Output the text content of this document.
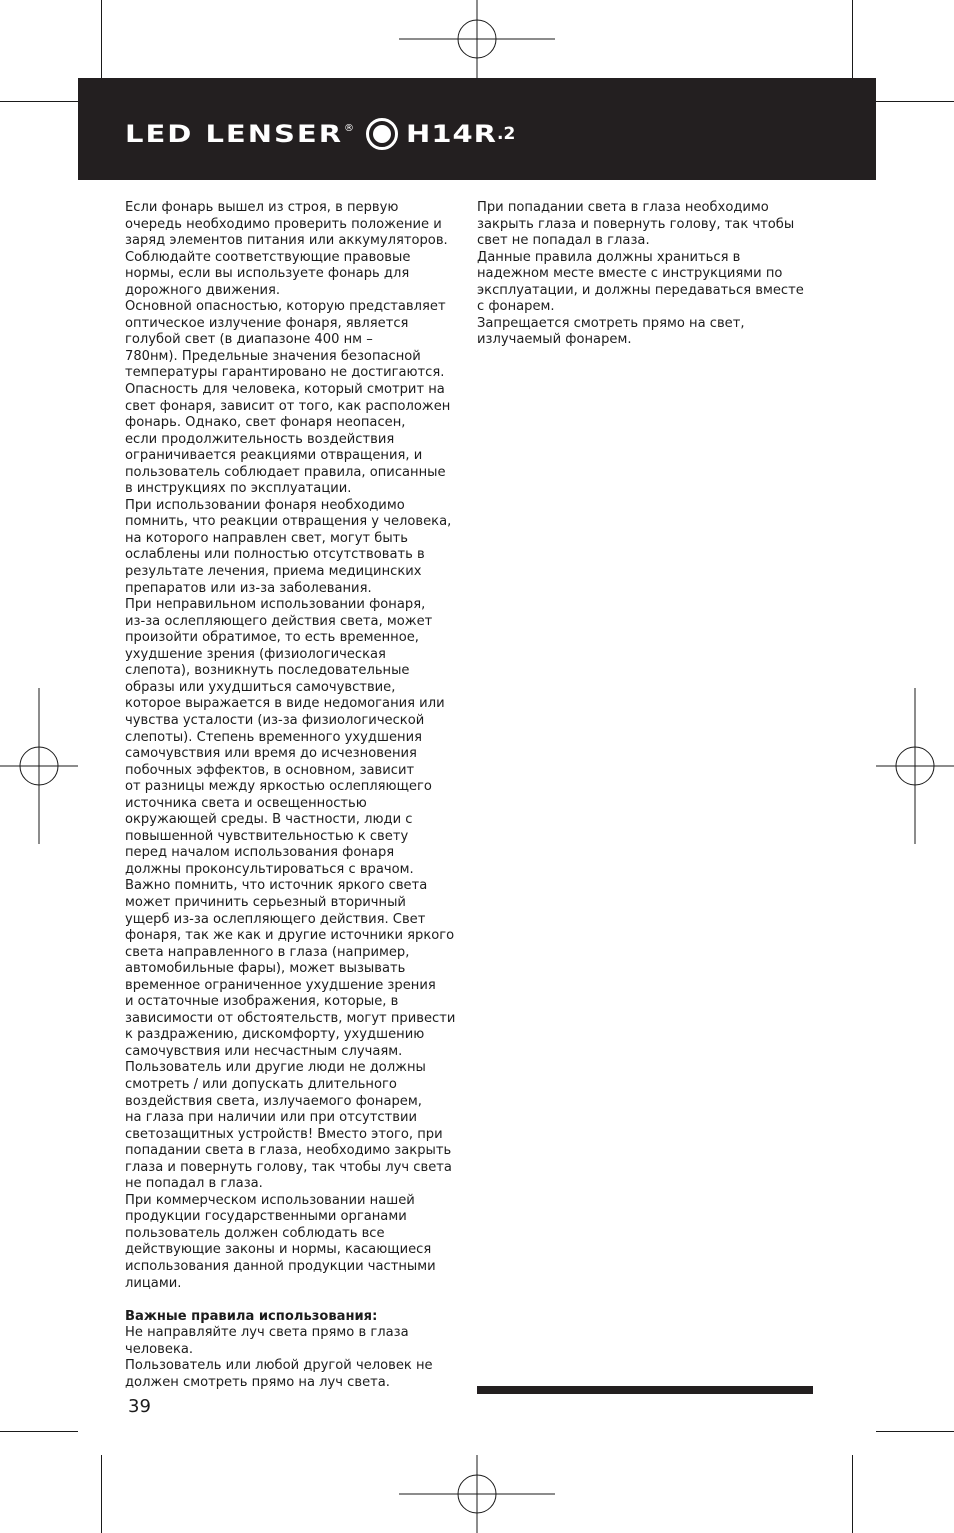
LED LENSER ® H14R .2

Если фонарь вышел из строя, в первую
очередь необходимо проверить положение и
заряд элементов питания или аккумуляторов.
Соблюдайте соответствующие правовые
нормы, если вы используете фонарь для
дорожного движения.

Основной опасностью, которую представляет
оптическое излучение фонаря, является
голубой свет (в диапазоне 400 нм –
780нм). Предельные значения безопасной
температуры гарантировано не достигаются.
Опасность для человека, который смотрит на
свет фонаря, зависит от того, как расположен
фонарь. Однако, свет фонаря неопасен,
если продолжительность воздействия
ограничивается реакциями отвращения, и
пользователь соблюдает правила, описанные
в инструкциях по эксплуатации.

При использовании фонаря необходимо
помнить, что реакции отвращения у человека,
на которого направлен свет, могут быть
ослаблены или полностью отсутствовать в
результате лечения, приема медицинских
препаратов или из-за заболевания.

При неправильном использовании фонаря,
из-за ослепляющего действия света, может
произойти обратимое, то есть временное,
ухудшение зрения (физиологическая
слепота), возникнуть последовательные
образы или ухудшиться самочувствие,
которое выражается в виде недомогания или
чувства усталости (из-за физиологической
слепоты). Степень временного ухудшения
самочувствия или время до исчезновения
побочных эффектов, в основном, зависит
от разницы между яркостью ослепляющего
источника света и освещенностью
окружающей среды. В частности, люди с
повышенной чувствительностью к свету
перед началом использования фонаря
должны проконсультироваться с врачом.

Важно помнить, что источник яркого света
может причинить серьезный вторичный
ущерб из-за ослепляющего действия. Свет
фонаря, так же как и другие источники яркого
света направленного в глаза (например,
автомобильные фары), может вызывать
временное ограниченное ухудшение зрения
и остаточные изображения, которые, в
зависимости от обстоятельств, могут привести
к раздражению, дискомфорту, ухудшению
самочувствия или несчастным случаям.

Пользователь или другие люди не должны
смотреть / или допускать длительного
воздействия света, излучаемого фонарем,
на глаза при наличии или при отсутствии
светозащитных устройств! Вместо этого, при
попадании света в глаза, необходимо закрыть
глаза и повернуть голову, так чтобы луч света
не попадал в глаза.

При коммерческом использовании нашей
продукции государственными органами
пользователь должен соблюдать все
действующие законы и нормы, касающиеся
использования данной продукции частными
лицами.

Важные правила использования:

Не направляйте луч света прямо в глаза
человека.

Пользователь или любой другой человек не
должен смотреть прямо на луч света.

При попадании света в глаза необходимо
закрыть глаза и повернуть голову, так чтобы
свет не попадал в глаза.

Данные правила должны храниться в
надежном месте вместе с инструкциями по
эксплуатации, и должны передаваться вместе
с фонарем.

Запрещается смотреть прямо на свет,
излучаемый фонарем.

39
